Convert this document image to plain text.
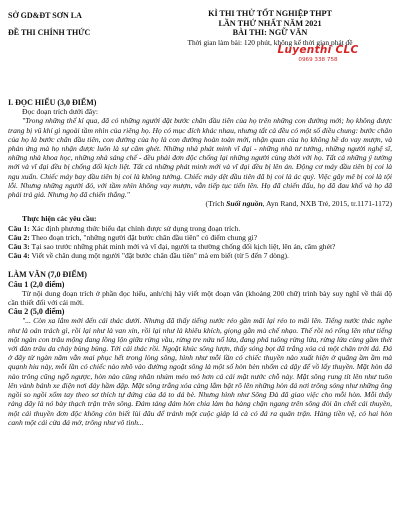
SỞ GD&ĐT SƠN LA
ĐỀ THI CHÍNH THỨC
KÌ THI THỬ TỐT NGHIỆP THPT
LẦN THỨ NHẤT NĂM 2021
BÀI THI: NGỮ VĂN
Thời gian làm bài: 120 phút, không kể thời gian phát đề
Luyenthi CLC
0969 338 758

I. ĐỌC HIỂU (3,0 ĐIỂM)

Đọc đoạn trích dưới đây:

"Trong những thế kỉ qua, đã có những người đặt bước chân đầu tiên của họ trên những con đường mới; họ không được trang bị vũ khí gì ngoài tầm nhìn của riêng họ. Họ có mục đích khác nhau, nhưng tất cả đều có một số điều chung: bước chân của họ là bước chân đầu tiên, con đường của họ là con đường hoàn toàn mới, nhận quan của họ không hề do vay mượn, và phản ứng mà họ nhận được luôn là sự căm ghét. Những nhà phát minh vĩ đại - những nhà tư tưởng, những người nghệ sĩ, những nhà khoa học, những nhà sáng chế - đều phải đơn độc chống lại những người cùng thời với họ. Tất cả những ý tưởng mới và vĩ đại đều bị chống đối kịch liệt. Tất cả những phát minh mới và vĩ đại đều bị lên án. Động cơ máy đầu tiên bị coi là ngu xuẩn. Chiếc máy bay đầu tiên bị coi là không tưởng. Chiếc máy dệt đầu tiên đã bị coi là ác quỷ. Việc gây mê bị coi là tội lỗi. Nhưng những người đó, với tầm nhìn không vay mượn, vẫn tiếp tục tiến lên. Họ đã chiến đấu, họ đã đau khổ và họ đã phải trả giá. Nhưng họ đã chiến thắng."

(Trích Suối nguồn, Ayn Rand, NXB Trẻ, 2015, tr.1171-1172)

Thực hiện các yêu cầu:

Câu 1: Xác định phương thức biểu đạt chính được sử dụng trong đoạn trích.

Câu 2: Theo đoạn trích, "những người đặt bước chân đầu tiên" có điểm chung gì?

Câu 3: Tại sao trước những phát minh mới và vĩ đại, người ta thường chống đối kịch liệt, lên án, căm ghét?

Câu 4: Viết về chân dung một người "đặt bước chân đầu tiên" mà em biết (từ 5 đến 7 dòng).

LÀM VĂN (7,0 ĐIỂM)

Câu 1 (2,0 điểm)

Từ nội dung đoạn trích ở phần đọc hiểu, anh/chị hãy viết một đoạn văn (khoảng 200 chữ) trình bày suy nghĩ về thái độ cần thiết đối với cái mới.

Câu 2 (5,0 điểm)

"... Còn xa lắm mới đến cái thác dưới. Nhưng đã thấy tiếng nước réo gần mãi lại réo to mãi lên. Tiếng nước thác nghe như là oán trách gì, rồi lại như là van xin, rồi lại như là khiêu khích, giọng gằn mà chế nhạo. Thế rồi nó rống lên như tiếng một ngàn con trâu mộng đang lồng lộn giữa rừng vầu, rừng tre nứa nổ lửa, đang phá tuông rừng lửa, rừng lửa cùng gầm thét với đàn trâu da cháy bùng bùng. Tới cái thác rồi. Ngoặt khúc sông lượn, thấy sóng bọt đã trắng xóa cả một chân trời đá. Đá ở đây từ ngàn năm vẫn mai phục hết trong lòng sông, hình như mỗi lần có chiếc thuyền nào xuất hiện ở quãng ầm ầm mà quạnh hiu này, mỗi lần có chiếc nào nhô vào đường ngoặt sông là một số hòn bèn nhổm cả dậy để vồ lấy thuyền. Mặt hòn đá nào trông cũng ngỗ ngược, hòn nào cũng nhăn nhúm méo mó hơn cả cái mặt nước chỗ này. Mặt sông rung tít lên như tuôn lên vành bánh xe điện nơi đáy hầm đập. Mặt sông trắng xóa càng lắm bật rõ lên những hòn đá nơi trông sóng như những ông ngồi so ngồi xổm tay theo sơ thích tự đứng của đá to dá bè. Nhưng hình như Sông Đà đã giao việc cho mỗi hòn. Mỗi thấy ràng đây là nó bày thạch trận trên sông. Đám tảng đám hòn chia làm ba hàng chặn ngang trên sông đòi ăn chết cái thuyền, một cái thuyền đơn độc không còn biết lùi đâu để tránh một cuộc giáp lá cà có đá ra quân trận. Hàng tiền vệ, có hai hòn canh một cái cửa đá mở, trông như vô tình...
